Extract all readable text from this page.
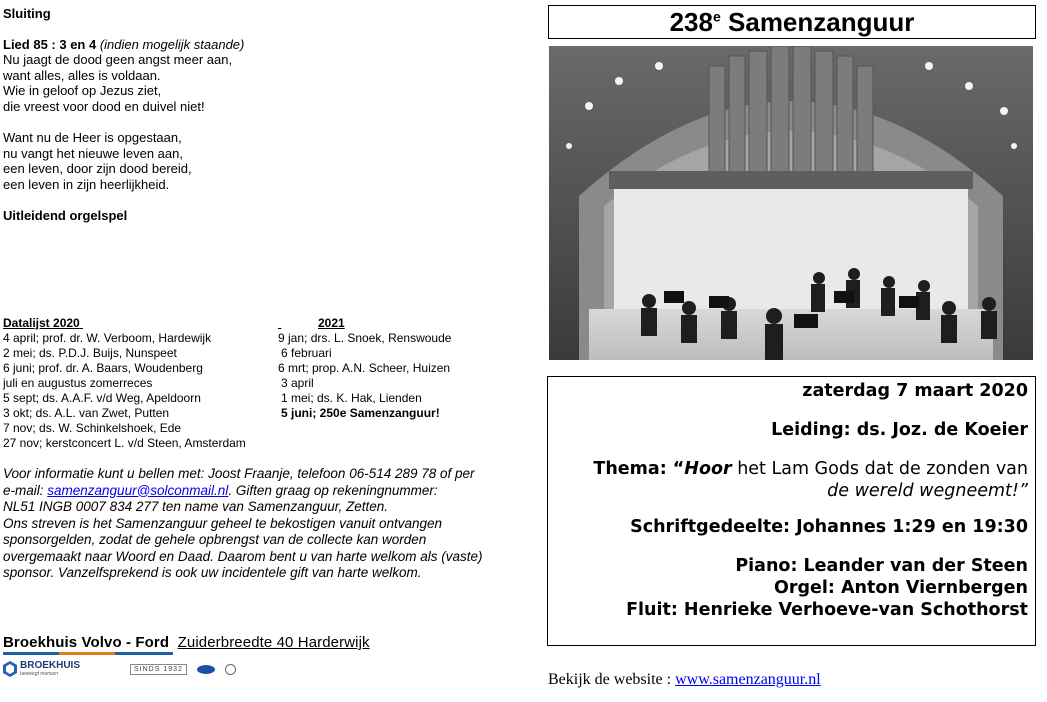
Sluiting
Lied 85 : 3 en 4 (indien mogelijk staande)
Nu jaagt de dood geen angst meer aan,
want alles, alles is voldaan.
Wie in geloof op Jezus ziet,
die vreest voor dood en duivel niet!
Want nu de Heer is opgestaan,
nu vangt het nieuwe leven aan,
een leven, door zijn dood bereid,
een leven in zijn heerlijkheid.
Uitleidend orgelspel
Datalijst 2020	2021
4 april; prof. dr. W. Verboom, Hardewijk	9 jan; drs. L. Snoek, Renswoude
2 mei; ds. P.D.J. Buijs, Nunspeet	6 februari
6 juni; prof. dr. A. Baars, Woudenberg	6 mrt; prop. A.N. Scheer, Huizen
juli en augustus zomerreces	3 april
5 sept; ds. A.A.F. v/d Weg, Apeldoorn	1 mei; ds. K. Hak, Lienden
3 okt; ds. A.L. van Zwet, Putten	5 juni; 250e Samenzanguur!
7 nov; ds. W. Schinkelshoek, Ede
27 nov; kerstconcert L. v/d Steen, Amsterdam
Voor informatie kunt u bellen met: Joost Fraanje, telefoon 06-514 289 78 of per e-mail: samenzanguur@solconmail.nl. Giften graag op rekeningnummer:
NL51 INGB 0007 834 277 ten name van Samenzanguur, Zetten.
Ons streven is het Samenzanguur geheel te bekostigen vanuit ontvangen sponsorgelden, zodat de gehele opbrengst van de collecte kan worden overgemaakt naar Woord en Daad. Daarom bent u van harte welkom als (vaste) sponsor. Vanzelfsprekend is ook uw incidentele gift van harte welkom.
Broekhuis Volvo - Ford Zuiderbreedte 40 Harderwijk
BROEKHUIS
beweegt mensen
SINDS 1932
238e Samenzanguur
zaterdag 7 maart 2020
Leiding: ds. Joz. de Koeier
Thema: “Hoor het Lam Gods dat de zonden van
de wereld wegneemt!”
Schriftgedeelte: Johannes 1:29 en 19:30
Piano: Leander van der Steen
Orgel: Anton Viernbergen
Fluit: Henrieke Verhoeve-van Schothorst
Bekijk de website : www.samenzanguur.nl
